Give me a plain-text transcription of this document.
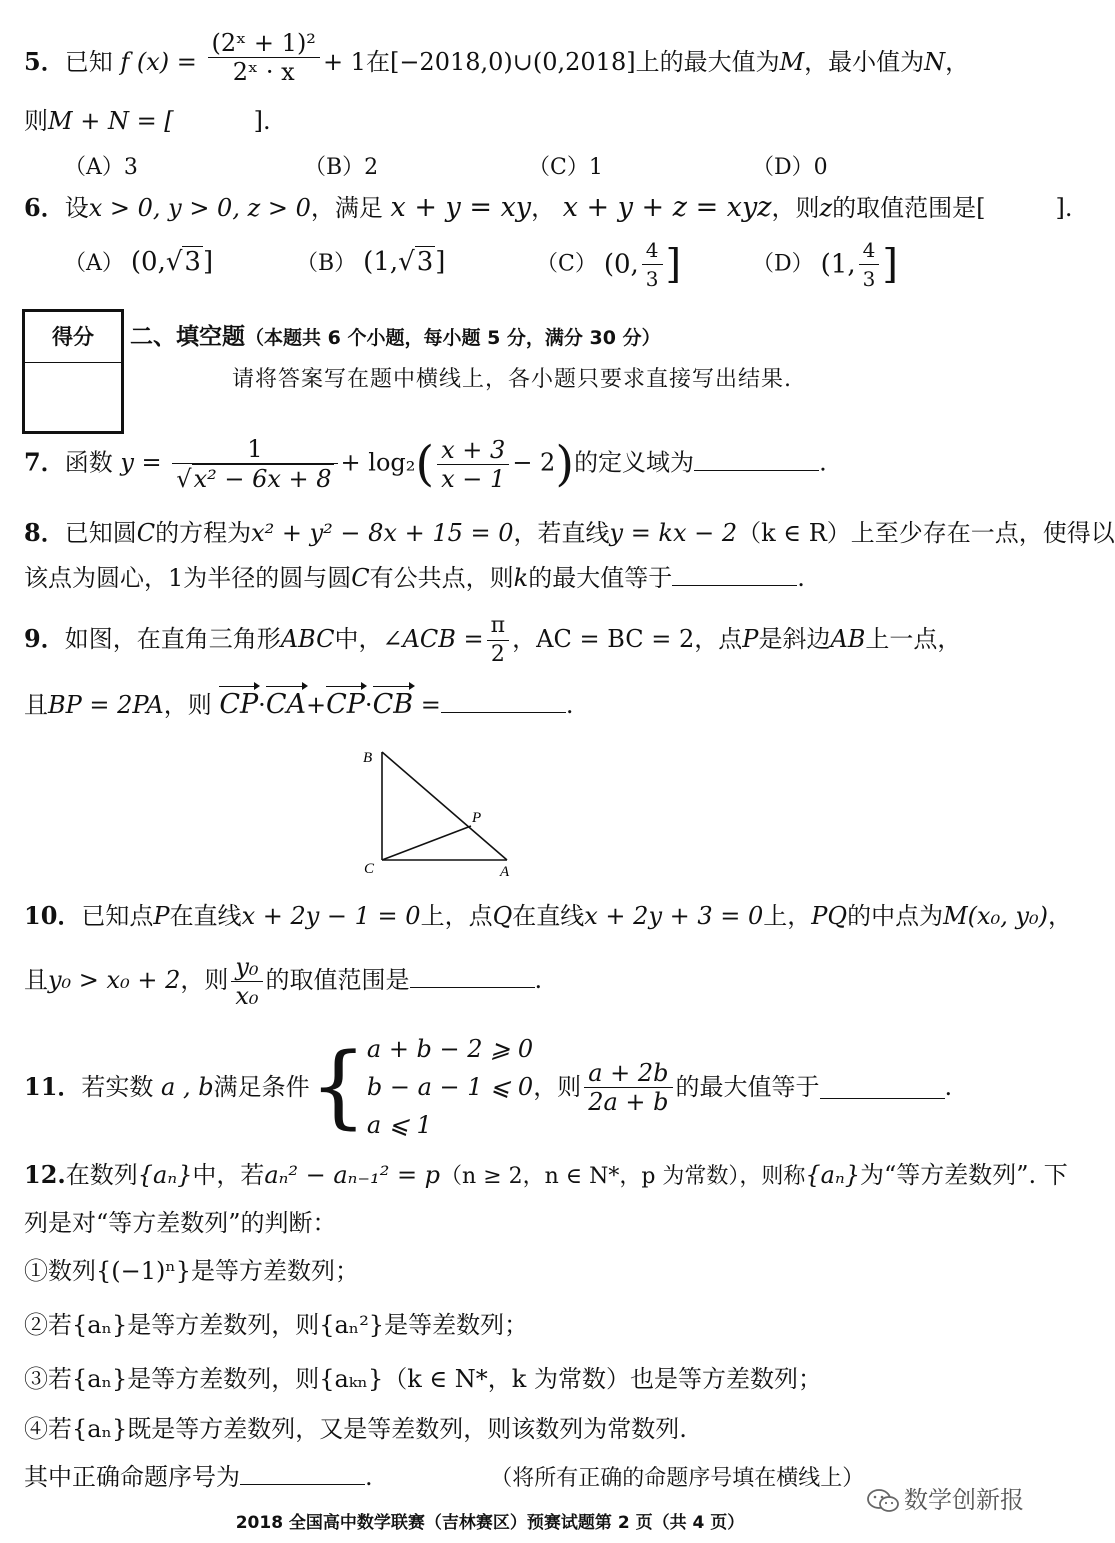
5．已知 f $(x) = \frac{\text{(2ˣ + 1)²}}{\text{2ˣ · x}} + 1$在[−2018,0)∪(0,2018]上的最大值为M，最小值为N，
则M + N = [	].
（A）3	（B）2	（C）1	（D）0
6．设x > 0, y > 0, z > 0，满足 x + y = xy， x + y + z = xyz，则z的取值范围是[	].
（A） (0,√3]	（B） (1,√3]	（C） (0, $\frac{4}{3}$ ]	（D） (1, $\frac{4}{3}$ ]
得分	二、填空题（本题共 6 个小题，每小题 5 分，满分 30 分）
请将答案写在题中横线上，各小题只要求直接写出结果.
7．函数 $y = \frac{1}{\text{√x² − 6x + 8}} + \log_2( \frac{x + 3}{x - 1} - 2)$的定义域为	.
8．已知圆C的方程为x² + y² − 8x + 15 = 0，若直线y = kx − 2（k ∈ R）上至少存在一点，使得以
该点为圆心，1为半径的圆与圆C有公共点，则k的最大值等于	.
9．如图，在直角三角形ABC中，∠ACB = $\frac{\pi}{2}$ ，AC = BC = 2，点P是斜边AB上一点，
且BP = 2PA，则 CP·CA+CP·CB =	.
B
P
C	A
10．已知点P在直线x + 2y − 1 = 0上，点Q在直线x + 2y + 3 = 0上，PQ的中点为M(x₀, y₀)，
且y₀ > x₀ + 2，则 $\frac{\text{y₀}}{\text{x₀}}$ 的取值范围是	.
11．若实数 a , b满足条件{ a + b − 2 ⩾ 0
b − a − 1 ⩽ 0
a ⩽ 1
，则 $\frac{a + 2b}{2a + b}$ 的最大值等于	.
12.在数列{aₙ}中，若aₙ² − aₙ₋₁² = p（n ≥ 2，n ∈ N*，p 为常数），则称{aₙ}为“等方差数列”. 下
列是对“等方差数列”的判断：
①数列{(−1)ⁿ}是等方差数列；
②若{aₙ}是等方差数列，则{aₙ²}是等差数列；
③若{aₙ}是等方差数列，则{aₖₙ}（k ∈ N*，k 为常数）也是等方差数列；
④若{aₙ}既是等方差数列，又是等差数列，则该数列为常数列.
其中正确命题序号为	.	（将所有正确的命题序号填在横线上）
数学创新报
2018 全国高中数学联赛（吉林赛区）预赛试题第 2 页（共 4 页）
